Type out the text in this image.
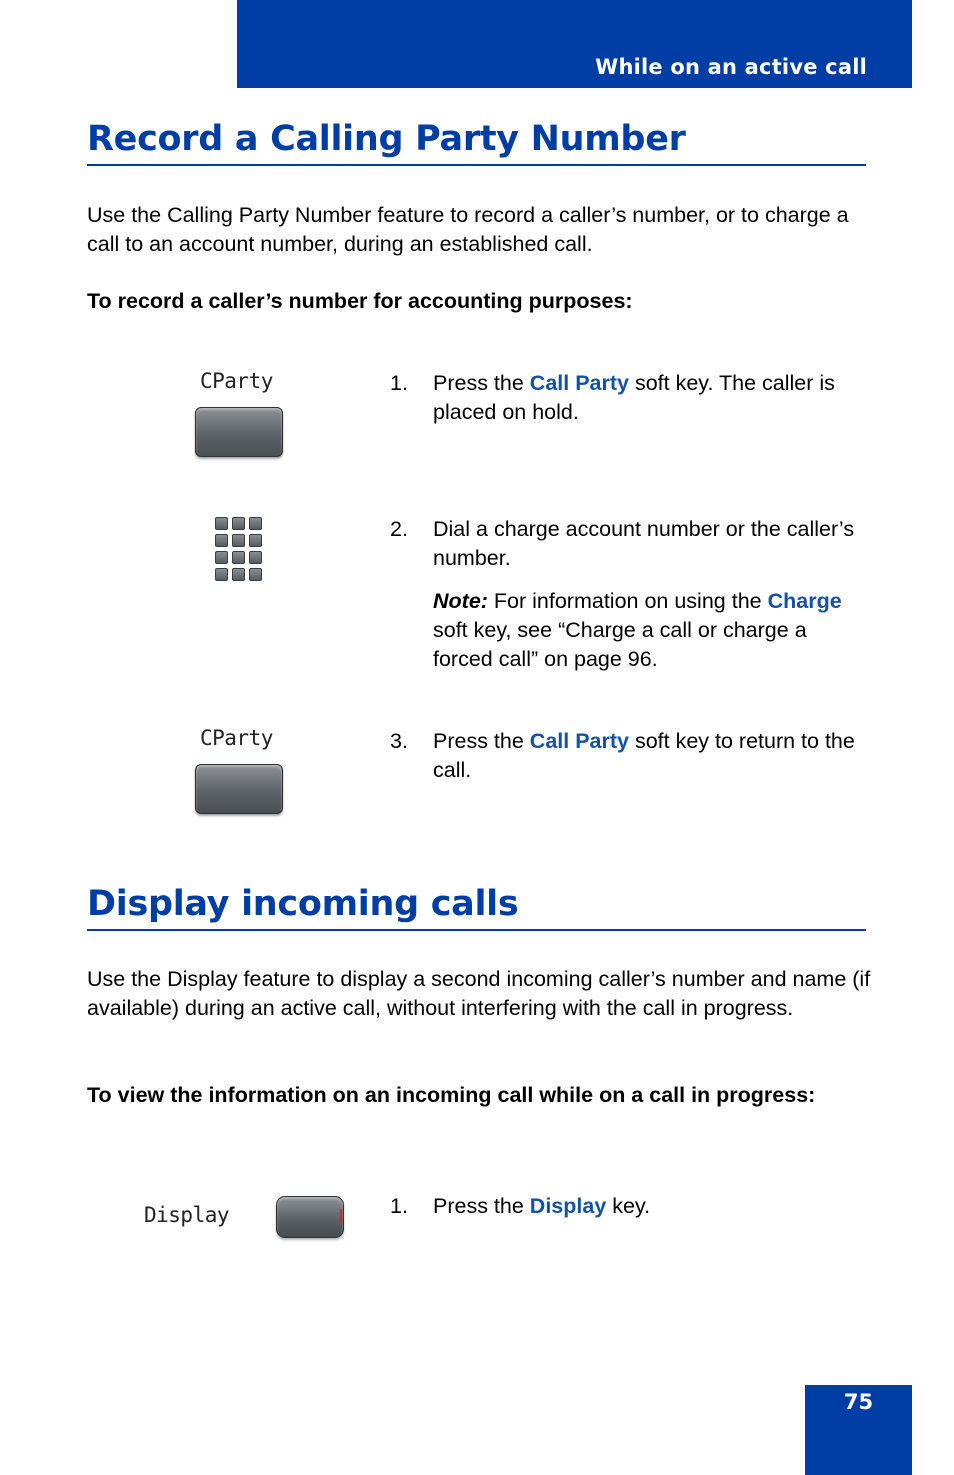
While on an active call
Record a Calling Party Number

Use the Calling Party Number feature to record a caller’s number, or to charge a call to an account number, during an established call.

To record a caller’s number for accounting purposes:

CParty	1. Press the Call Party soft key. The caller is placed on hold.
2. Dial a charge account number or the caller’s number.
Note: For information on using the Charge soft key, see “Charge a call or charge a forced call” on page 96.
CParty	3. Press the Call Party soft key to return to the call.
Display incoming calls

Use the Display feature to display a second incoming caller’s number and name (if available) during an active call, without interfering with the call in progress.

To view the information on an incoming call while on a call in progress:

Display	1. Press the Display key.
75
